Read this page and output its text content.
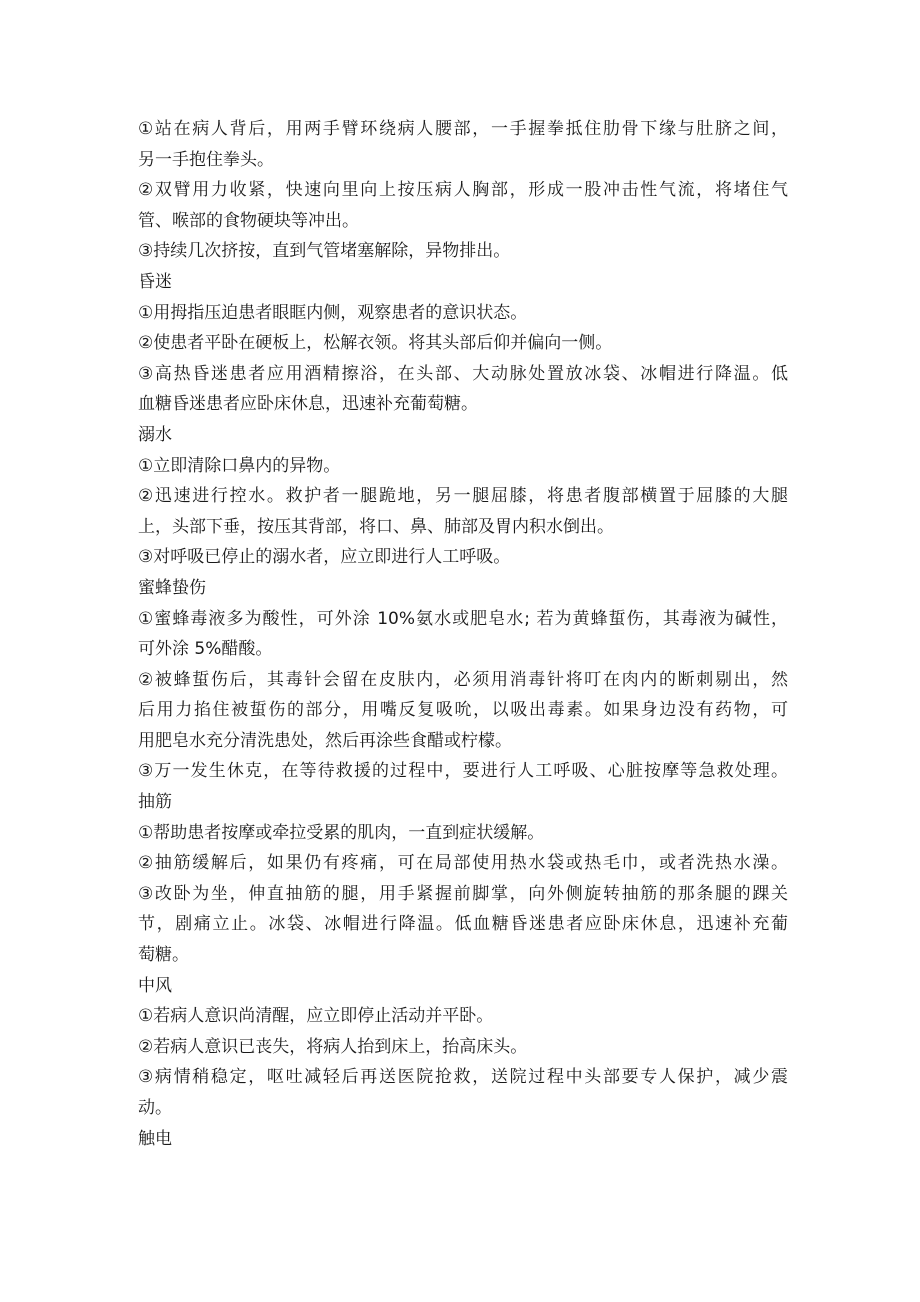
①站在病人背后，用两手臂环绕病人腰部，一手握拳抵住肋骨下缘与肚脐之间，
另一手抱住拳头。
②双臂用力收紧，快速向里向上按压病人胸部，形成一股冲击性气流，将堵住气
管、喉部的食物硬块等冲出。
③持续几次挤按，直到气管堵塞解除，异物排出。
昏迷
①用拇指压迫患者眼眶内侧，观察患者的意识状态。
②使患者平卧在硬板上，松解衣领。将其头部后仰并偏向一侧。
③高热昏迷患者应用酒精擦浴，在头部、大动脉处置放冰袋、冰帽进行降温。低
血糖昏迷患者应卧床休息，迅速补充葡萄糖。
溺水
①立即清除口鼻内的异物。
②迅速进行控水。救护者一腿跪地，另一腿屈膝，将患者腹部横置于屈膝的大腿
上，头部下垂，按压其背部，将口、鼻、肺部及胃内积水倒出。
③对呼吸已停止的溺水者，应立即进行人工呼吸。
蜜蜂蛰伤
①蜜蜂毒液多为酸性，可外涂 10%氨水或肥皂水; 若为黄蜂蜇伤，其毒液为碱性，
可外涂 5%醋酸。
②被蜂蜇伤后，其毒针会留在皮肤内，必须用消毒针将叮在肉内的断刺剔出，然
后用力掐住被蜇伤的部分，用嘴反复吸吮，以吸出毒素。如果身边没有药物，可
用肥皂水充分清洗患处，然后再涂些食醋或柠檬。
③万一发生休克，在等待救援的过程中，要进行人工呼吸、心脏按摩等急救处理。
抽筋
①帮助患者按摩或牵拉受累的肌肉，一直到症状缓解。
②抽筋缓解后，如果仍有疼痛，可在局部使用热水袋或热毛巾，或者洗热水澡。
③改卧为坐，伸直抽筋的腿，用手紧握前脚掌，向外侧旋转抽筋的那条腿的踝关
节，剧痛立止。冰袋、冰帽进行降温。低血糖昏迷患者应卧床休息，迅速补充葡
萄糖。
中风
①若病人意识尚清醒，应立即停止活动并平卧。
②若病人意识已丧失，将病人抬到床上，抬高床头。
③病情稍稳定，呕吐减轻后再送医院抢救，送院过程中头部要专人保护，减少震
动。
触电
